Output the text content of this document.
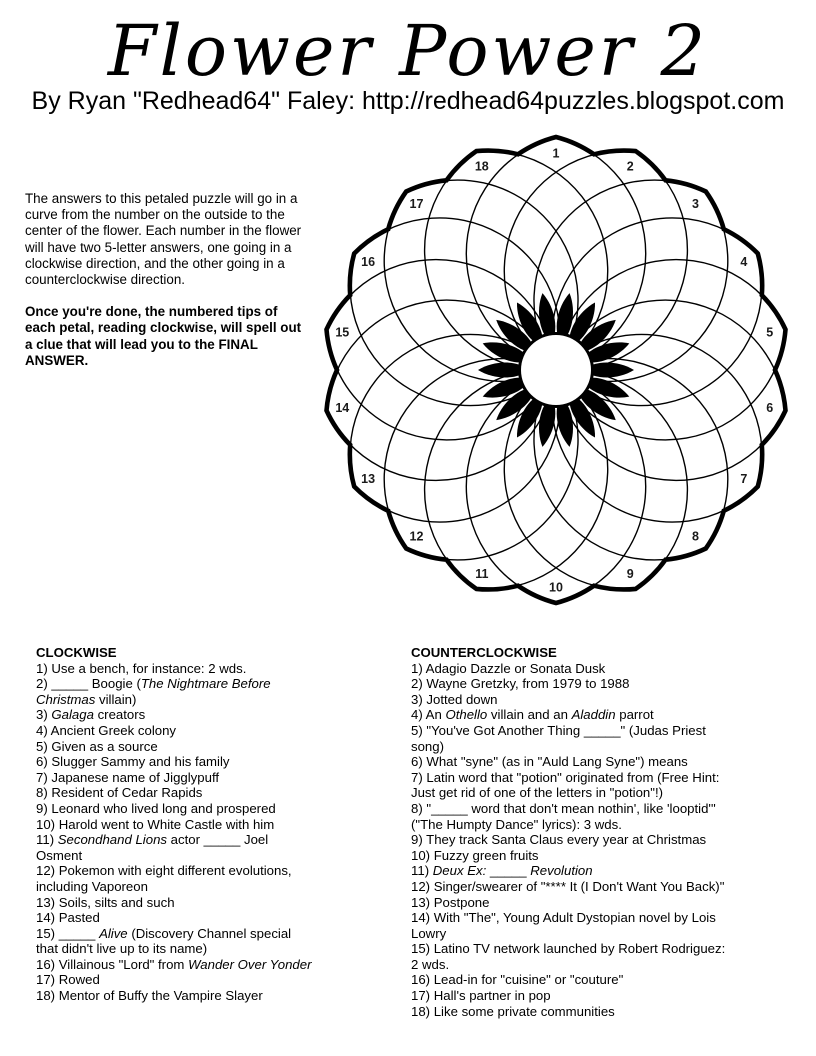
Flower Power 2
By Ryan "Redhead64" Faley: http://redhead64puzzles.blogspot.com

The answers to this petaled puzzle will go in a
curve from the number on the outside to the
center of the flower. Each number in the flower
will have two 5-letter answers, one going in a
clockwise direction, and the other going in a
counterclockwise direction.

Once you're done, the numbered tips of
each petal, reading clockwise, will spell out
a clue that will lead you to the FINAL
ANSWER.

1
2
3
4
5
6
7
8
9
10
11
12
13
14
15
16
17
18
CLOCKWISE
1) Use a bench, for instance: 2 wds.
2) _____ Boogie (The Nightmare Before
Christmas villain)
3) Galaga creators
4) Ancient Greek colony
5) Given as a source
6) Slugger Sammy and his family
7) Japanese name of Jigglypuff
8) Resident of Cedar Rapids
9) Leonard who lived long and prospered
10) Harold went to White Castle with him
11) Secondhand Lions actor _____ Joel
Osment
12) Pokemon with eight different evolutions,
including Vaporeon
13) Soils, silts and such
14) Pasted
15) _____ Alive (Discovery Channel special
that didn't live up to its name)
16) Villainous "Lord" from Wander Over Yonder
17) Rowed
18) Mentor of Buffy the Vampire Slayer
COUNTERCLOCKWISE
1) Adagio Dazzle or Sonata Dusk
2) Wayne Gretzky, from 1979 to 1988
3) Jotted down
4) An Othello villain and an Aladdin parrot
5) "You've Got Another Thing _____" (Judas Priest
song)
6) What "syne" (as in "Auld Lang Syne") means
7) Latin word that "potion" originated from (Free Hint:
Just get rid of one of the letters in "potion"!)
8) "_____ word that don't mean nothin', like 'looptid'"
("The Humpty Dance" lyrics): 3 wds.
9) They track Santa Claus every year at Christmas
10) Fuzzy green fruits
11) Deux Ex: _____ Revolution
12) Singer/swearer of "**** It (I Don't Want You Back)"
13) Postpone
14) With "The", Young Adult Dystopian novel by Lois
Lowry
15) Latino TV network launched by Robert Rodriguez:
2 wds.
16) Lead-in for "cuisine" or "couture"
17) Hall's partner in pop
18) Like some private communities
